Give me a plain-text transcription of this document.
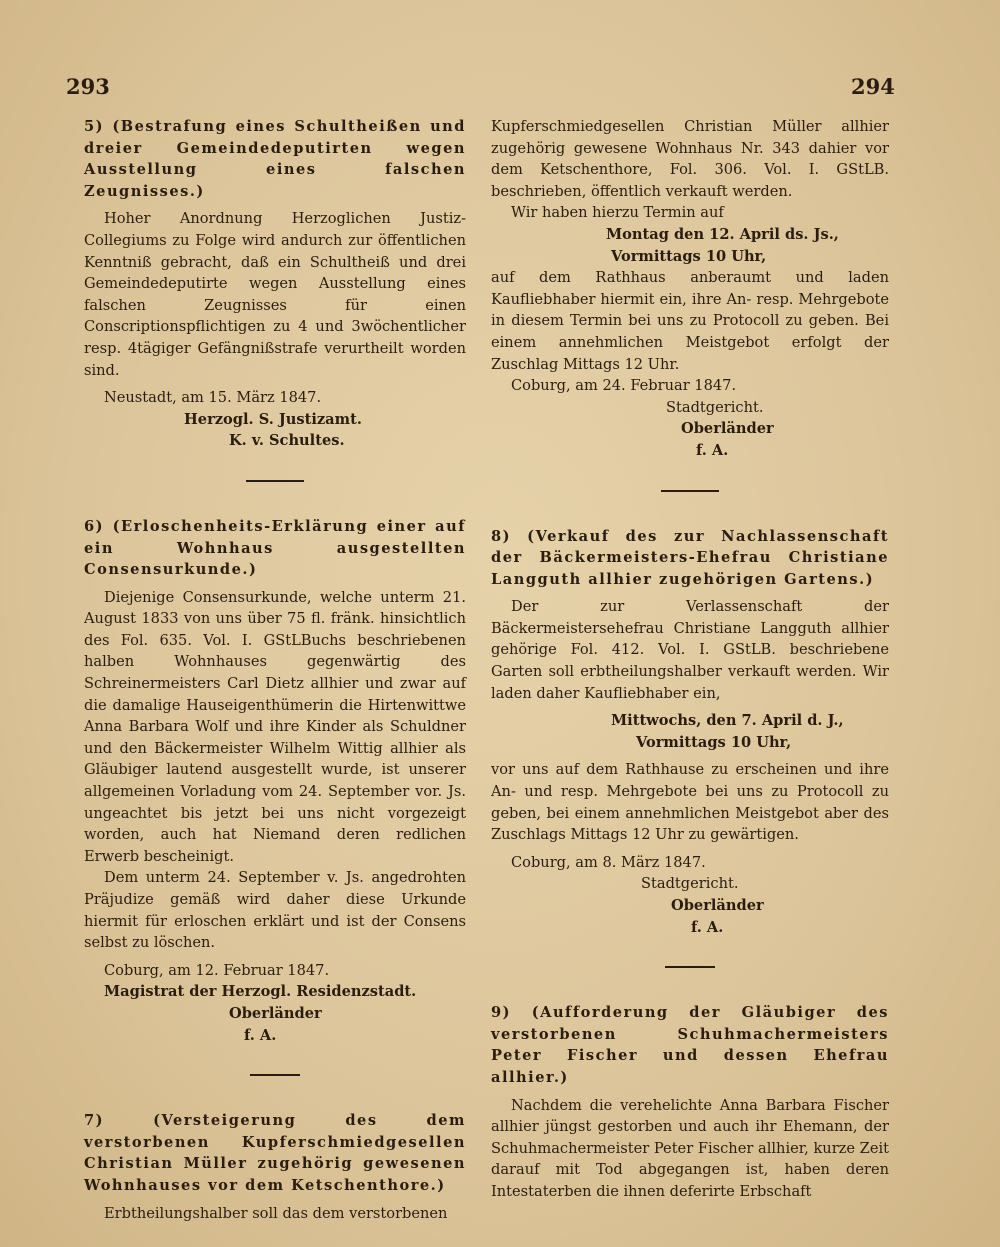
293	294

5) (Bestrafung eines Schultheißen und dreier Gemeindedeputirten wegen Ausstellung eines falschen Zeugnisses.)

Hoher Anordnung Herzoglichen Justiz-Collegiums zu Folge wird andurch zur öffentlichen Kenntniß gebracht, daß ein Schultheiß und drei Gemeindedeputirte wegen Ausstellung eines falschen Zeugnisses für einen Conscriptionspflichtigen zu 4 und 3wöchentlicher resp. 4tägiger Gefängnißstrafe verurtheilt worden sind.

Neustadt, am 15. März 1847.

Herzogl. S. Justizamt.

K. v. Schultes.

6) (Erloschenheits-Erklärung einer auf ein Wohnhaus ausgestellten Consensurkunde.)

Diejenige Consensurkunde, welche unterm 21. August 1833 von uns über 75 fl. fränk. hinsichtlich des Fol. 635. Vol. I. GStLBuchs beschriebenen halben Wohnhauses gegenwärtig des Schreinermeisters Carl Dietz allhier und zwar auf die damalige Hauseigenthümerin die Hirtenwittwe Anna Barbara Wolf und ihre Kinder als Schuldner und den Bäckermeister Wilhelm Wittig allhier als Gläubiger lautend ausgestellt wurde, ist unserer allgemeinen Vorladung vom 24. September vor. Js. ungeachtet bis jetzt bei uns nicht vorgezeigt worden, auch hat Niemand deren redlichen Erwerb bescheinigt.

Dem unterm 24. September v. Js. angedrohten Präjudize gemäß wird daher diese Urkunde hiermit für erloschen erklärt und ist der Consens selbst zu löschen.

Coburg, am 12. Februar 1847.

Magistrat der Herzogl. Residenzstadt.

Oberländer

f. A.

7) (Versteigerung des dem verstorbenen Kupferschmiedgesellen Christian Müller zugehörig gewesenen Wohnhauses vor dem Ketschenthore.)

Erbtheilungshalber soll das dem verstorbenen

Kupferschmiedgesellen Christian Müller allhier zugehörig gewesene Wohnhaus Nr. 343 dahier vor dem Ketschenthore, Fol. 306. Vol. I. GStLB. beschrieben, öffentlich verkauft werden.

Wir haben hierzu Termin auf

Montag den 12. April ds. Js.,

Vormittags 10 Uhr,

auf dem Rathhaus anberaumt und laden Kaufliebhaber hiermit ein, ihre An- resp. Mehrgebote in diesem Termin bei uns zu Protocoll zu geben. Bei einem annehmlichen Meistgebot erfolgt der Zuschlag Mittags 12 Uhr.

Coburg, am 24. Februar 1847.

Stadtgericht.

Oberländer

f. A.

8) (Verkauf des zur Nachlassenschaft der Bäckermeisters-Ehefrau Christiane Langguth allhier zugehörigen Gartens.)

Der zur Verlassenschaft der Bäckermeistersehefrau Christiane Langguth allhier gehörige Fol. 412. Vol. I. GStLB. beschriebene Garten soll erbtheilungshalber verkauft werden. Wir laden daher Kaufliebhaber ein,

Mittwochs, den 7. April d. J.,

Vormittags 10 Uhr,

vor uns auf dem Rathhause zu erscheinen und ihre An- und resp. Mehrgebote bei uns zu Protocoll zu geben, bei einem annehmlichen Meistgebot aber des Zuschlags Mittags 12 Uhr zu gewärtigen.

Coburg, am 8. März 1847.

Stadtgericht.

Oberländer

f. A.

9) (Aufforderung der Gläubiger des verstorbenen Schuhmachermeisters Peter Fischer und dessen Ehefrau allhier.)

Nachdem die verehelichte Anna Barbara Fischer allhier jüngst gestorben und auch ihr Ehemann, der Schuhmachermeister Peter Fischer allhier, kurze Zeit darauf mit Tod abgegangen ist, haben deren Intestaterben die ihnen deferirte Erbschaft
